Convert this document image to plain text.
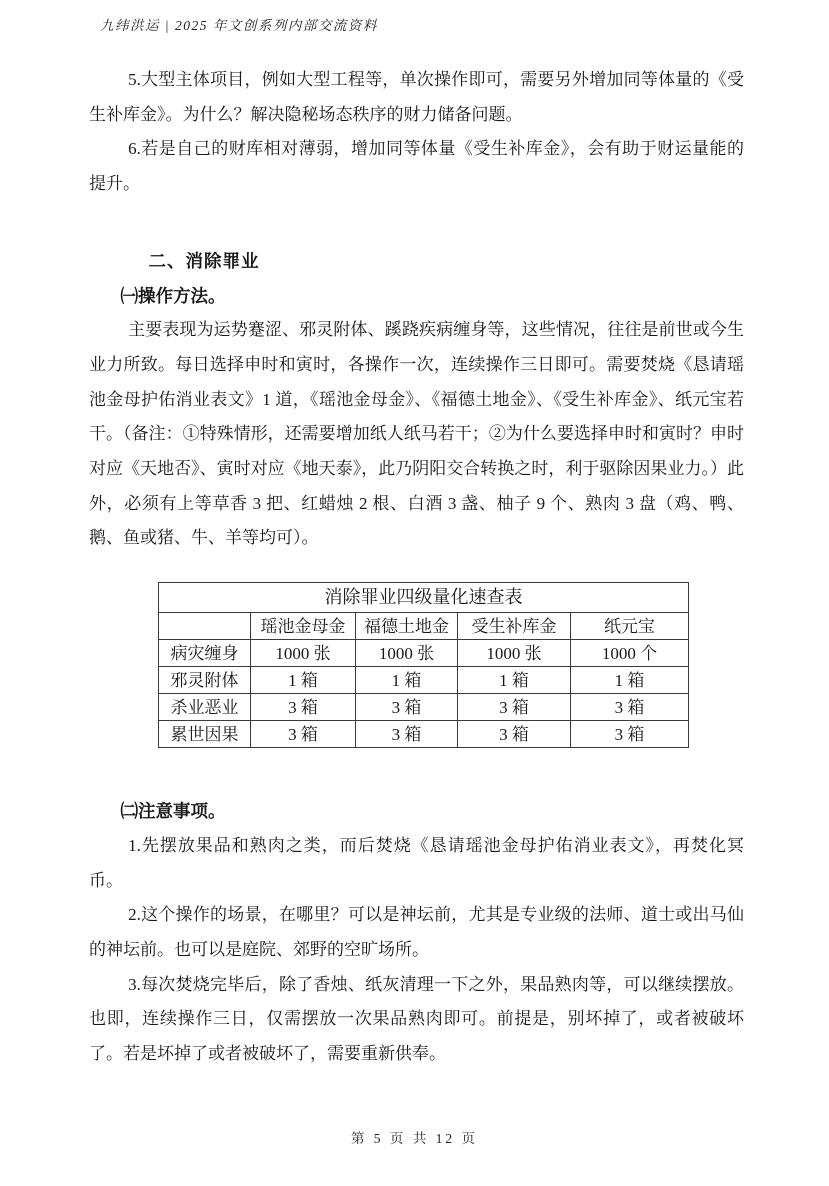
九纬洪运 | 2025 年文创系列内部交流资料

5.大型主体项目，例如大型工程等，单次操作即可，需要另外增加同等体量的《受生补库金》。为什么？解决隐秘场态秩序的财力储备问题。

6.若是自己的财库相对薄弱，增加同等体量《受生补库金》，会有助于财运量能的提升。

二、消除罪业

㈠操作方法。

主要表现为运势蹇涩、邪灵附体、蹊跷疾病缠身等，这些情况，往往是前世或今生业力所致。每日选择申时和寅时，各操作一次，连续操作三日即可。需要焚烧《恳请瑶池金母护佑消业表文》1 道，《瑶池金母金》、《福德土地金》、《受生补库金》、纸元宝若干。（备注：①特殊情形，还需要增加纸人纸马若干；②为什么要选择申时和寅时？申时对应《天地否》、寅时对应《地天泰》，此乃阴阳交合转换之时，利于驱除因果业力。）此外，必须有上等草香 3 把、红蜡烛 2 根、白酒 3 盏、柚子 9 个、熟肉 3 盘（鸡、鸭、鹅、鱼或猪、牛、羊等均可）。

消除罪业四级量化速查表				
	瑶池金母金	福德土地金	受生补库金	纸元宝
病灾缠身	1000 张	1000 张	1000 张	1000 个
邪灵附体	1 箱	1 箱	1 箱	1 箱
杀业恶业	3 箱	3 箱	3 箱	3 箱
累世因果	3 箱	3 箱	3 箱	3 箱

㈡注意事项。

1.先摆放果品和熟肉之类，而后焚烧《恳请瑶池金母护佑消业表文》，再焚化冥币。

2.这个操作的场景，在哪里？可以是神坛前，尤其是专业级的法师、道士或出马仙的神坛前。也可以是庭院、郊野的空旷场所。

3.每次焚烧完毕后，除了香烛、纸灰清理一下之外，果品熟肉等，可以继续摆放。也即，连续操作三日，仅需摆放一次果品熟肉即可。前提是，别坏掉了，或者被破坏了。若是坏掉了或者被破坏了，需要重新供奉。

第 5 页 共 12 页
